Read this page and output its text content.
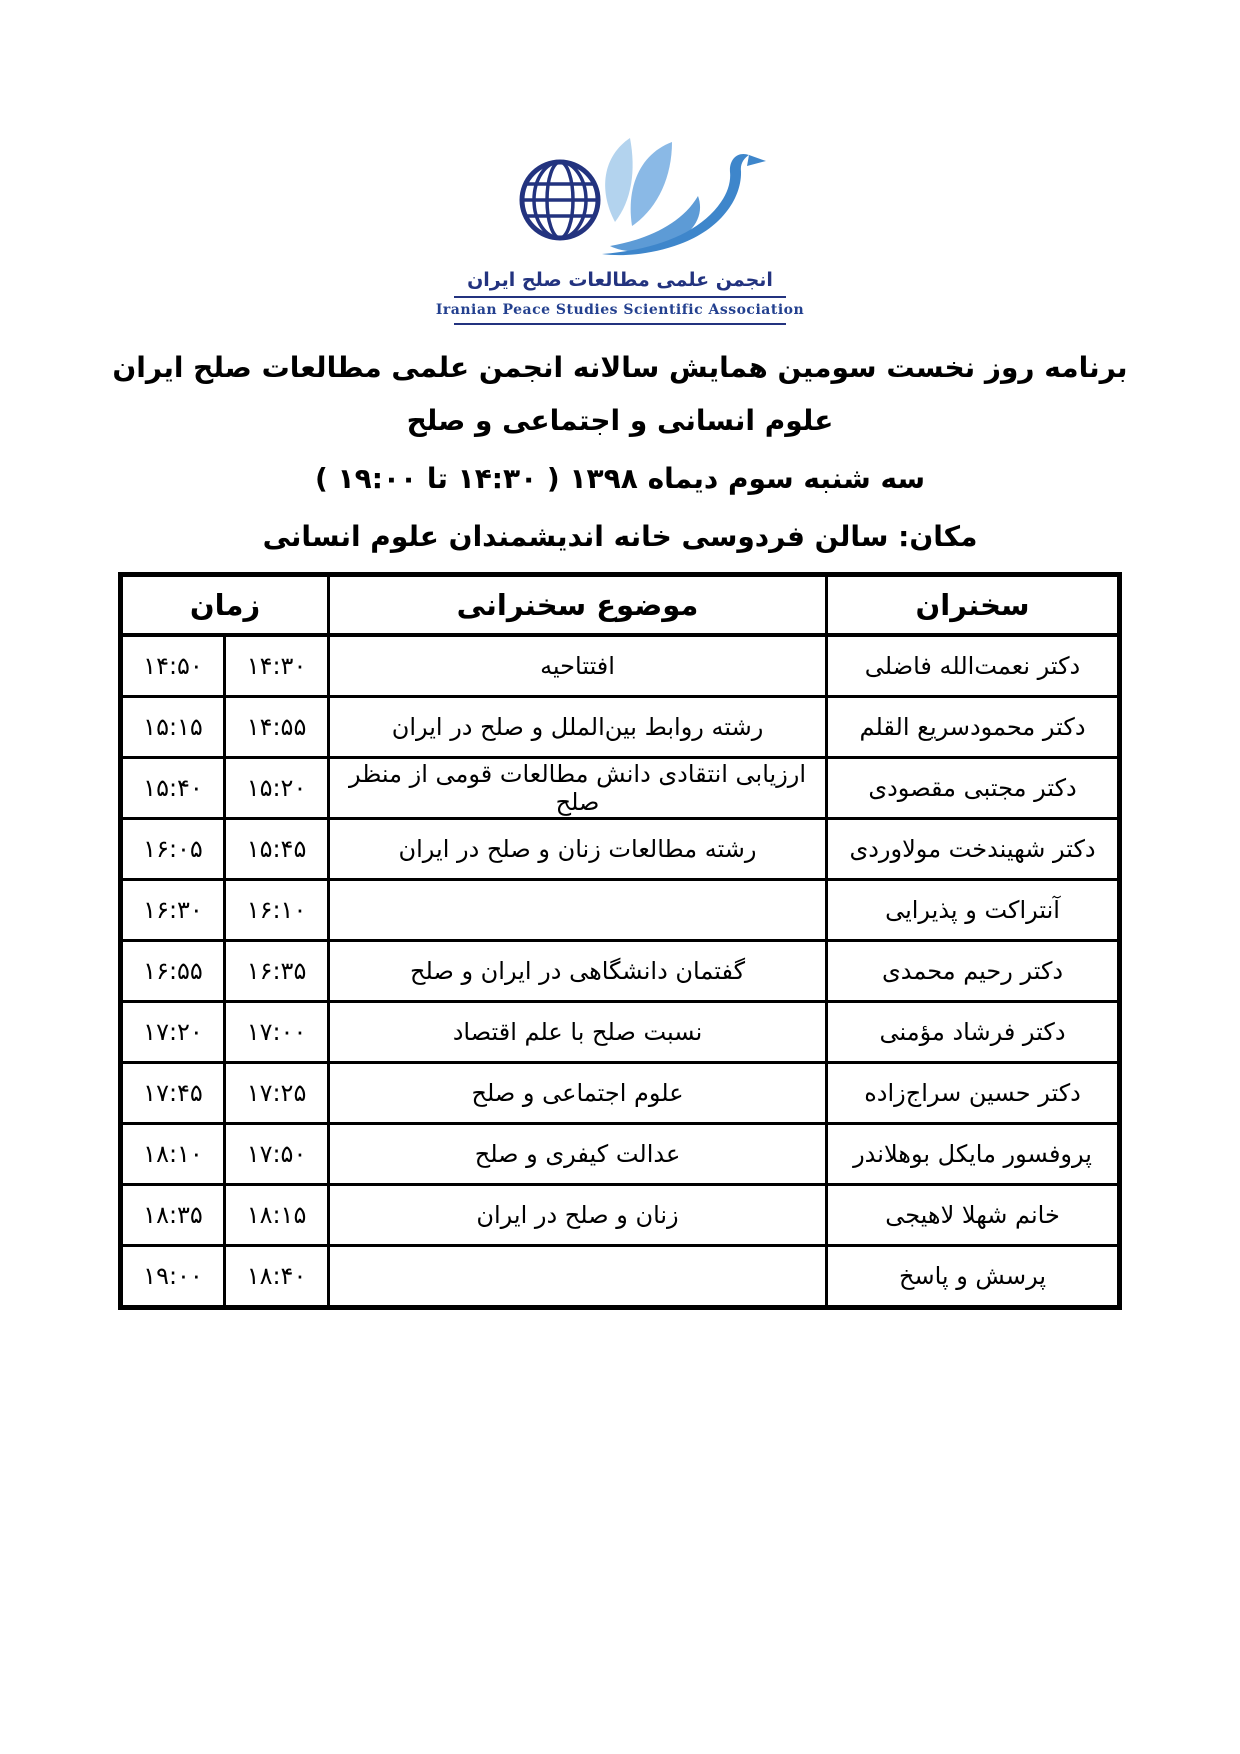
انجمن علمی مطالعات صلح ایران
Iranian Peace Studies Scientific Association
برنامه روز نخست سومین همایش سالانه انجمن علمی مطالعات صلح ایران
علوم انسانی و اجتماعی و صلح
سه شنبه سوم دیماه ۱۳۹۸ ( ۱۴:۳۰ تا ۱۹:۰۰ )
مکان: سالن فردوسی خانه اندیشمندان علوم انسانی
سخنران	موضوع سخنرانی	زمان	
دکتر نعمت‌الله فاضلی	افتتاحیه	۱۴:۳۰	۱۴:۵۰
دکتر محمودسریع القلم	رشته روابط بین‌الملل و صلح در ایران	۱۴:۵۵	۱۵:۱۵
دکتر مجتبی مقصودی	ارزیابی انتقادی دانش مطالعات قومی از منظر صلح	۱۵:۲۰	۱۵:۴۰
دکتر شهیندخت مولاوردی	رشته مطالعات زنان و صلح در ایران	۱۵:۴۵	۱۶:۰۵
آنتراکت و پذیرایی		۱۶:۱۰	۱۶:۳۰
دکتر رحیم محمدی	گفتمان دانشگاهی در ایران و صلح	۱۶:۳۵	۱۶:۵۵
دکتر فرشاد مؤمنی	نسبت صلح با علم اقتصاد	۱۷:۰۰	۱۷:۲۰
دکتر حسین سراج‌زاده	علوم اجتماعی و صلح	۱۷:۲۵	۱۷:۴۵
پروفسور مایکل بوهلاندر	عدالت کیفری و صلح	۱۷:۵۰	۱۸:۱۰
خانم شهلا لاهیجی	زنان و صلح در ایران	۱۸:۱۵	۱۸:۳۵
پرسش و پاسخ		۱۸:۴۰	۱۹:۰۰
